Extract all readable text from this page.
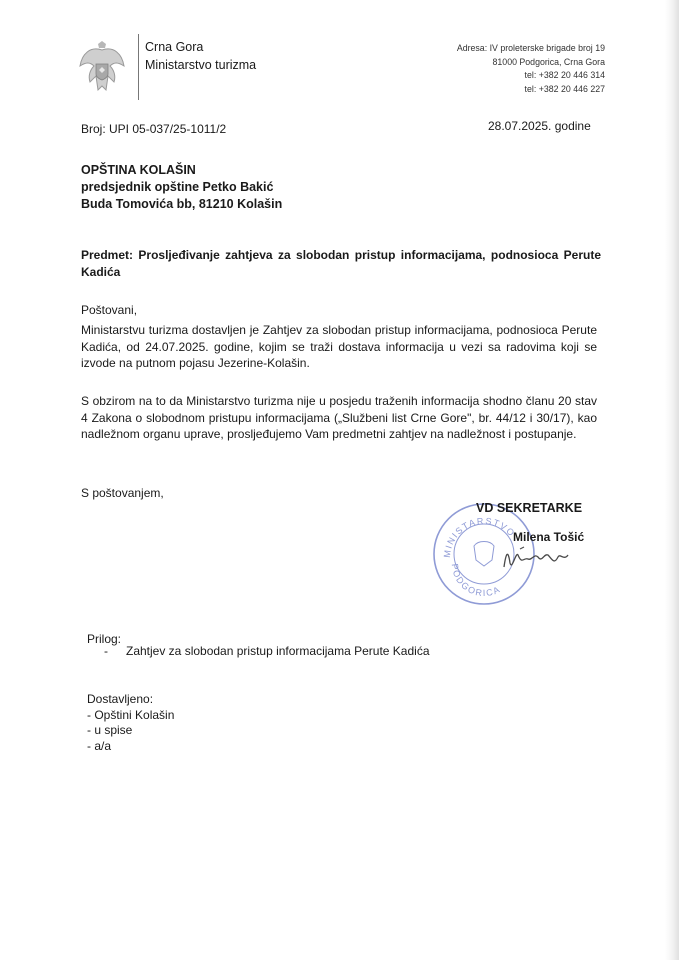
Crna Gora
Ministarstvo turizma
Adresa: IV proleterske brigade broj 19
81000 Podgorica, Crna Gora
tel: +382 20 446 314
tel: +382 20 446 227
Broj: UPI 05-037/25-1011/2	28.07.2025. godine
OPŠTINA KOLAŠIN
predsjednik opštine Petko Bakić
Buda Tomovića bb, 81210 Kolašin
Predmet: Prosljeđivanje zahtjeva za slobodan pristup informacijama, podnosioca Perute Kadića
Poštovani,
Ministarstvu turizma dostavljen je Zahtjev za slobodan pristup informacijama, podnosioca Perute Kadića, od 24.07.2025. godine, kojim se traži dostava informacija u vezi sa radovima koji se izvode na putnom pojasu Jezerine-Kolašin.
S obzirom na to da Ministarstvo turizma nije u posjedu traženih informacija shodno članu 20 stav 4 Zakona o slobodnom pristupu informacijama („Službeni list Crne Gore", br. 44/12 i 30/17), kao nadležnom organu uprave, prosljeđujemo Vam predmetni zahtjev na nadležnost i postupanje.
S poštovanjem,
MINISTARSTVO
PODGORICA
VD SEKRETARKE
Milena Tošić
Prilog:
- Zahtjev za slobodan pristup informacijama Perute Kadića
Dostavljeno:
- Opštini Kolašin
- u spise
- a/a
